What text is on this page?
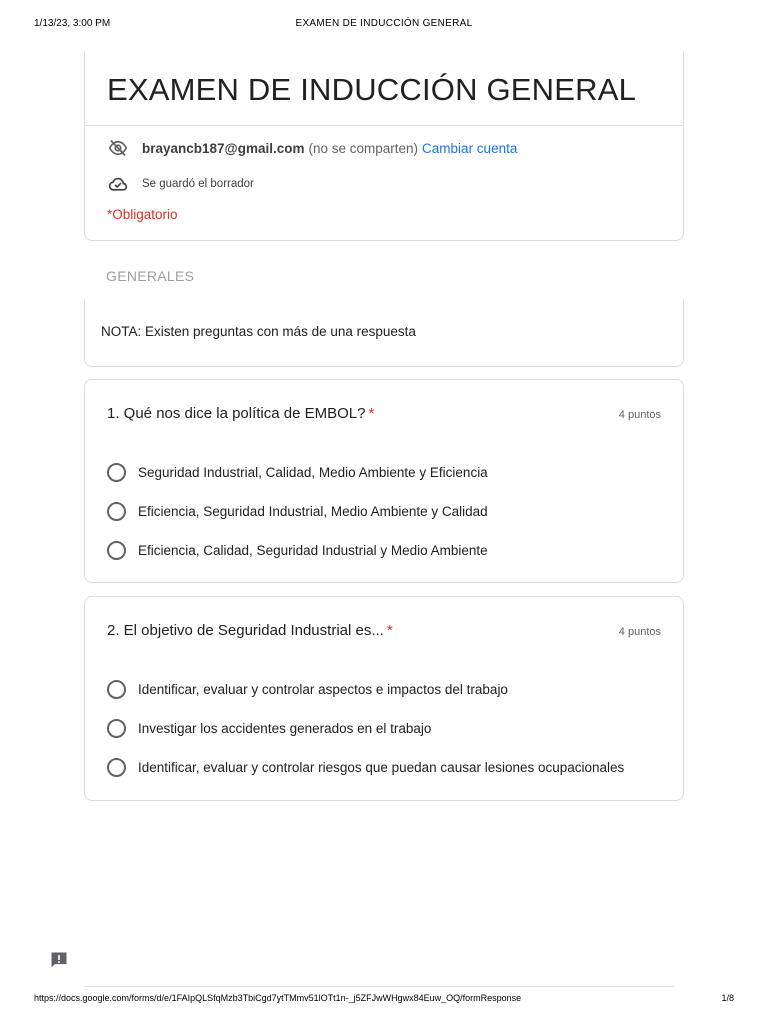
1/13/23, 3:00 PM	EXAMEN DE INDUCCIÓN GENERAL
EXAMEN DE INDUCCIÓN GENERAL
brayancb187@gmail.com (no se comparten) Cambiar cuenta
Se guardó el borrador
*Obligatorio
GENERALES
NOTA: Existen preguntas con más de una respuesta
1. Qué nos dice la política de EMBOL? *	4 puntos
Seguridad Industrial, Calidad, Medio Ambiente y Eficiencia
Eficiencia, Seguridad Industrial, Medio Ambiente y Calidad
Eficiencia, Calidad, Seguridad Industrial y Medio Ambiente
2. El objetivo de Seguridad Industrial es... *	4 puntos
Identificar, evaluar y controlar aspectos e impactos del trabajo
Investigar los accidentes generados en el trabajo
Identificar, evaluar y controlar riesgos que puedan causar lesiones ocupacionales
https://docs.google.com/forms/d/e/1FAIpQLSfqMzb3TbiCgd7ytTMmv51lOTt1n-_j5ZFJwWHgwx84Euw_OQ/formResponse	1/8
